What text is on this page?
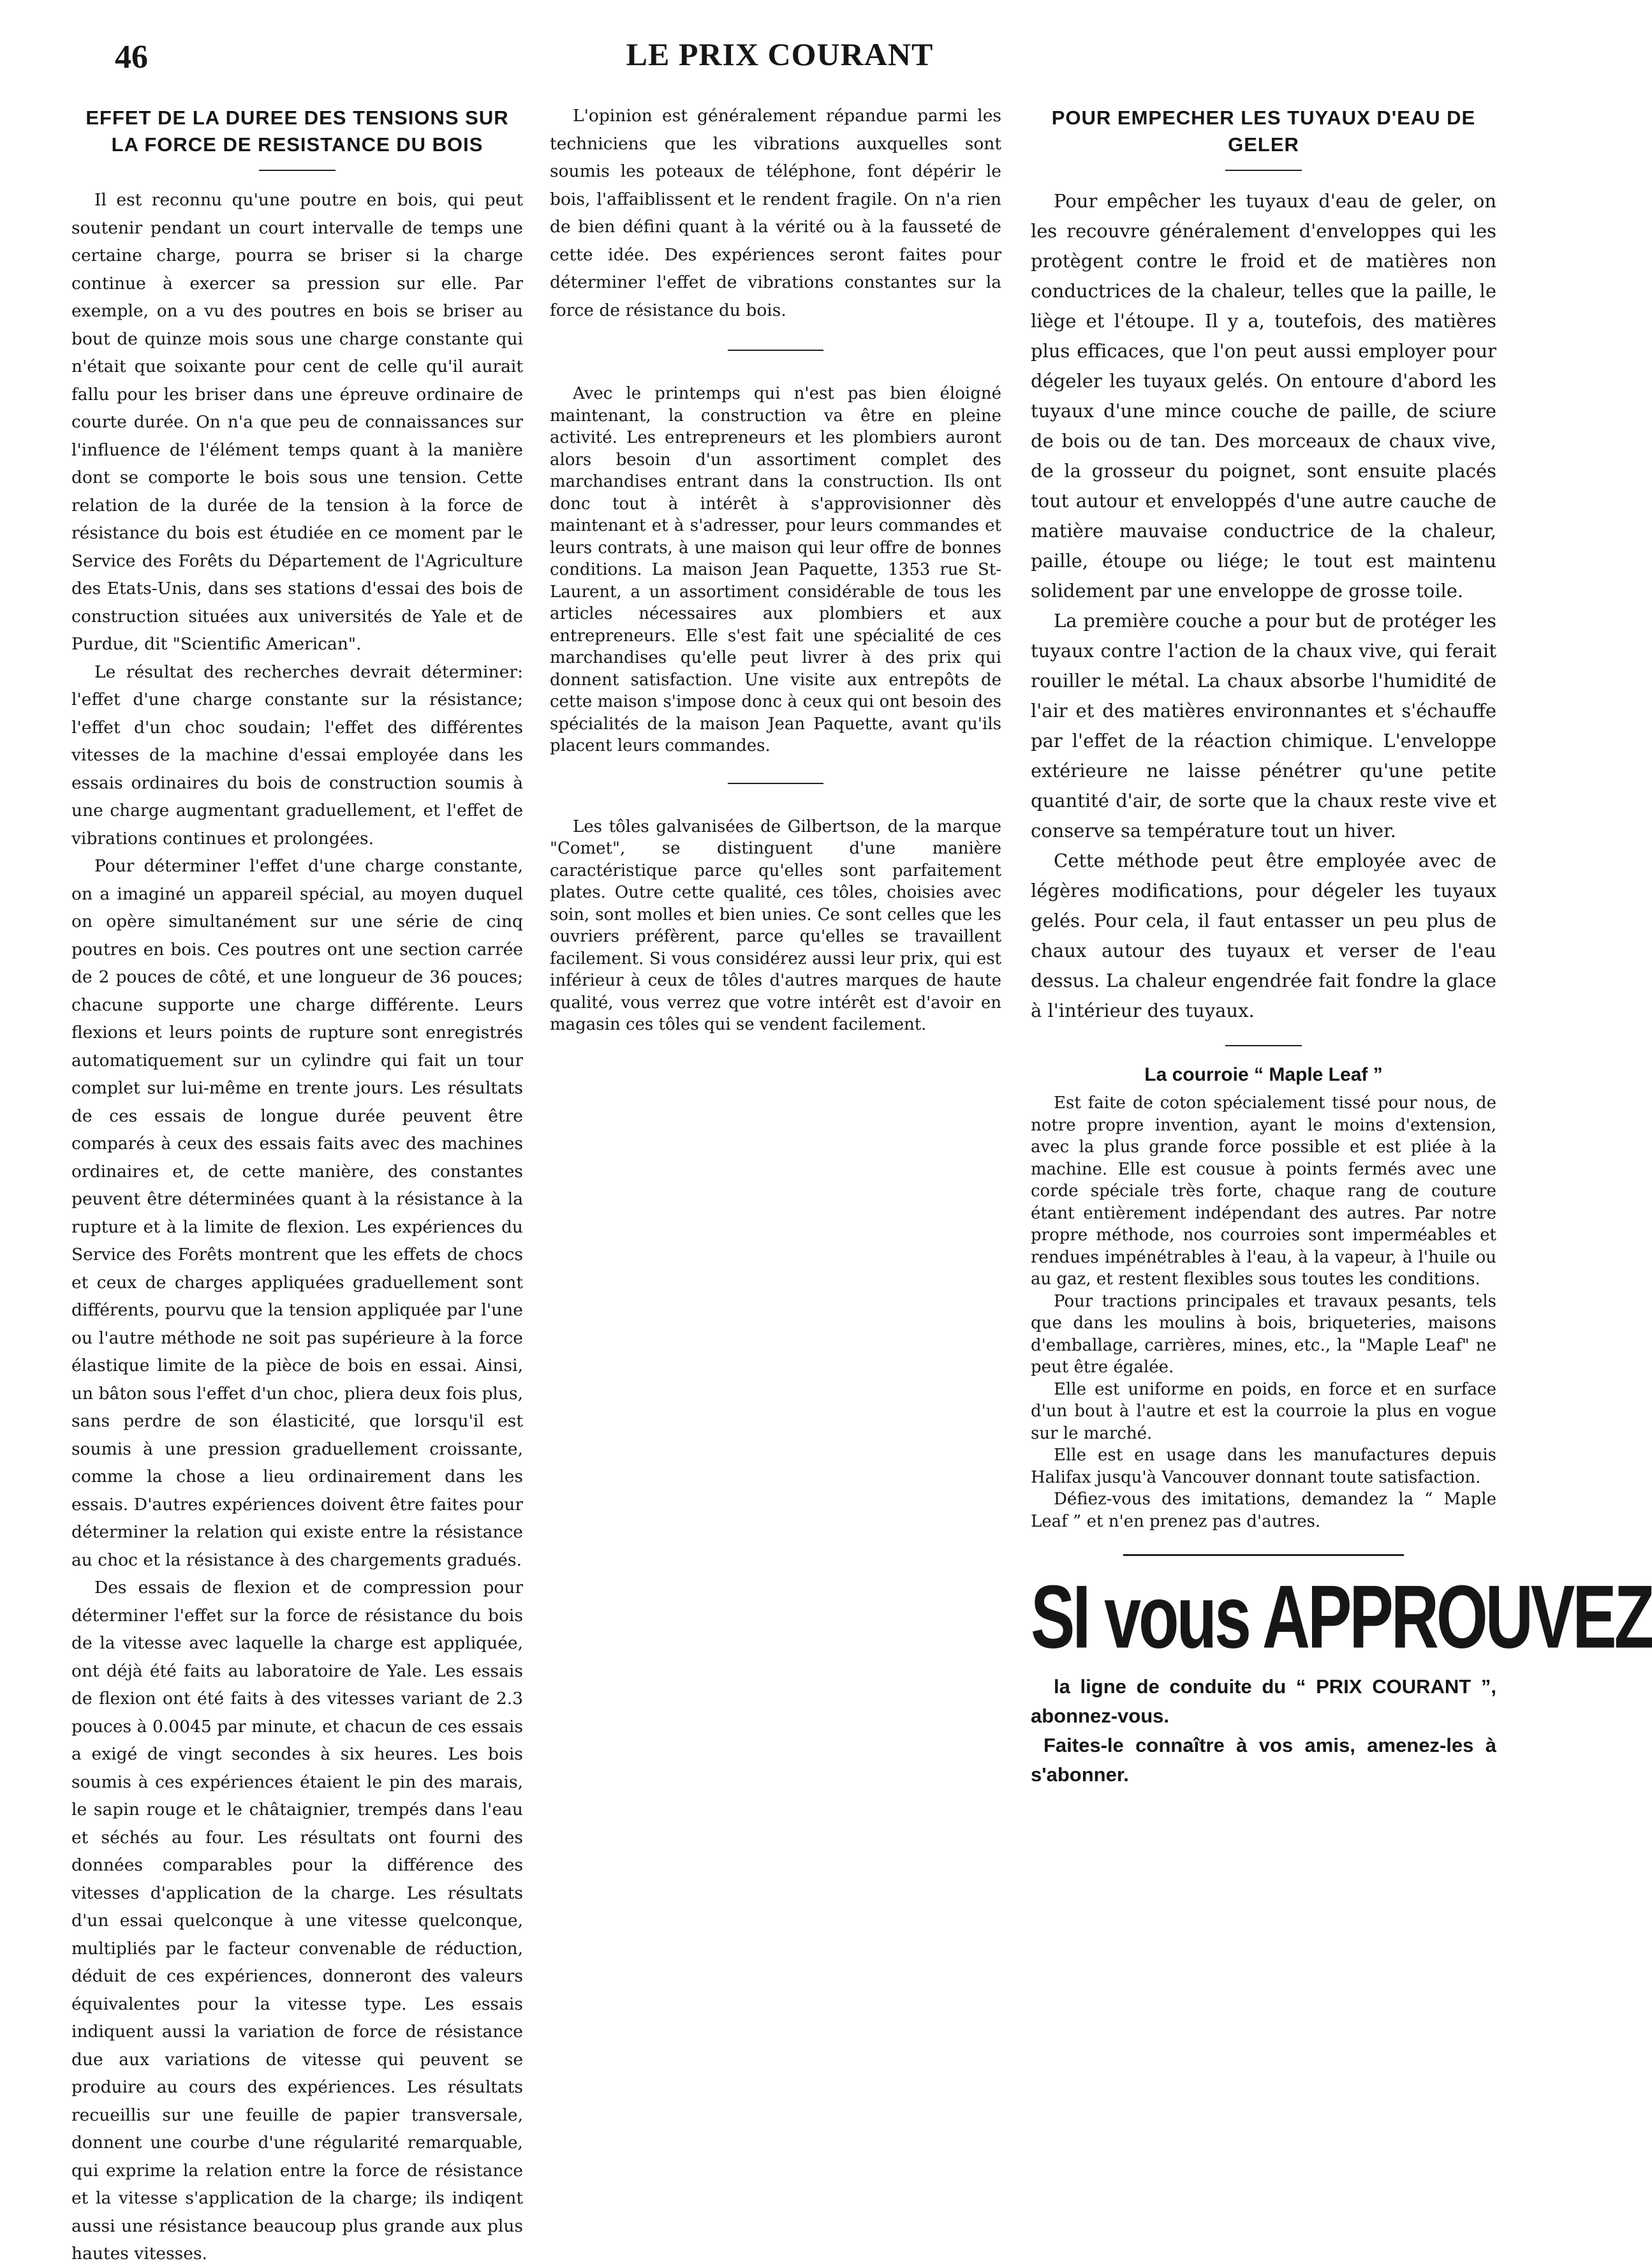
46	LE PRIX COURANT
EFFET DE LA DUREE DES TENSIONS SUR LA FORCE DE RESISTANCE DU BOIS

Il est reconnu qu'une poutre en bois, qui peut soutenir pendant un court intervalle de temps une certaine charge, pourra se briser si la charge continue à exercer sa pression sur elle. Par exemple, on a vu des poutres en bois se briser au bout de quinze mois sous une charge constante qui n'était que soixante pour cent de celle qu'il aurait fallu pour les briser dans une épreuve ordinaire de courte durée. On n'a que peu de connaissances sur l'influence de l'élément temps quant à la manière dont se comporte le bois sous une tension. Cette relation de la durée de la tension à la force de résistance du bois est étudiée en ce moment par le Service des Forêts du Département de l'Agriculture des Etats-Unis, dans ses stations d'essai des bois de construction situées aux universités de Yale et de Purdue, dit "Scientific American".

Le résultat des recherches devrait déterminer: l'effet d'une charge constante sur la résistance; l'effet d'un choc soudain; l'effet des différentes vitesses de la machine d'essai employée dans les essais ordinaires du bois de construction soumis à une charge augmentant graduellement, et l'effet de vibrations continues et prolongées.

Pour déterminer l'effet d'une charge constante, on a imaginé un appareil spécial, au moyen duquel on opère simultanément sur une série de cinq poutres en bois. Ces poutres ont une section carrée de 2 pouces de côté, et une longueur de 36 pouces; chacune supporte une charge différente. Leurs flexions et leurs points de rupture sont enregistrés automatiquement sur un cylindre qui fait un tour complet sur lui-même en trente jours. Les résultats de ces essais de longue durée peuvent être comparés à ceux des essais faits avec des machines ordinaires et, de cette manière, des constantes peuvent être déterminées quant à la résistance à la rupture et à la limite de flexion. Les expériences du Service des Forêts montrent que les effets de chocs et ceux de charges appliquées graduellement sont différents, pourvu que la tension appliquée par l'une ou l'autre méthode ne soit pas supérieure à la force élastique limite de la pièce de bois en essai. Ainsi, un bâton sous l'effet d'un choc, pliera deux fois plus, sans perdre de son élasticité, que lorsqu'il est soumis à une pression graduellement croissante, comme la chose a lieu ordinairement dans les essais. D'autres expériences doivent être faites pour déterminer la relation qui existe entre la résistance au choc et la résistance à des chargements gradués.

Des essais de flexion et de compression pour déterminer l'effet sur la force de résistance du bois de la vitesse avec laquelle la charge est appliquée, ont déjà été faits au laboratoire de Yale. Les essais de flexion ont été faits à des vitesses variant de 2.3 pouces à 0.0045 par minute, et chacun de ces essais a exigé de vingt secondes à six heures. Les bois soumis à ces expériences étaient le pin des marais, le sapin rouge et le châtaignier, trempés dans l'eau et séchés au four. Les résultats ont fourni des données comparables pour la différence des vitesses d'application de la charge. Les résultats d'un essai quelconque à une vitesse quelconque, multipliés par le facteur convenable de réduction, déduit de ces expériences, donneront des valeurs équivalentes pour la vitesse type. Les essais indiquent aussi la variation de force de résistance due aux variations de vitesse qui peuvent se produire au cours des expériences. Les résultats recueillis sur une feuille de papier transversale, donnent une courbe d'une régularité remarquable, qui exprime la relation entre la force de résistance et la vitesse s'application de la charge; ils indiqent aussi une résistance beaucoup plus grande aux plus hautes vitesses.

L'opinion est généralement répandue parmi les techniciens que les vibrations auxquelles sont soumis les poteaux de téléphone, font dépérir le bois, l'affaiblissent et le rendent fragile. On n'a rien de bien défini quant à la vérité ou à la fausseté de cette idée. Des expériences seront faites pour déterminer l'effet de vibrations constantes sur la force de résistance du bois.

Avec le printemps qui n'est pas bien éloigné maintenant, la construction va être en pleine activité. Les entrepreneurs et les plombiers auront alors besoin d'un assortiment complet des marchandises entrant dans la construction. Ils ont donc tout à intérêt à s'approvisionner dès maintenant et à s'adresser, pour leurs commandes et leurs contrats, à une maison qui leur offre de bonnes conditions. La maison Jean Paquette, 1353 rue St-Laurent, a un assortiment considérable de tous les articles nécessaires aux plombiers et aux entrepreneurs. Elle s'est fait une spécialité de ces marchandises qu'elle peut livrer à des prix qui donnent satisfaction. Une visite aux entrepôts de cette maison s'impose donc à ceux qui ont besoin des spécialités de la maison Jean Paquette, avant qu'ils placent leurs commandes.

Les tôles galvanisées de Gilbertson, de la marque "Comet", se distinguent d'une manière caractéristique parce qu'elles sont parfaitement plates. Outre cette qualité, ces tôles, choisies avec soin, sont molles et bien unies. Ce sont celles que les ouvriers préfèrent, parce qu'elles se travaillent facilement. Si vous considérez aussi leur prix, qui est inférieur à ceux de tôles d'autres marques de haute qualité, vous verrez que votre intérêt est d'avoir en magasin ces tôles qui se vendent facilement.

POUR EMPECHER LES TUYAUX D'EAU DE GELER

Pour empêcher les tuyaux d'eau de geler, on les recouvre généralement d'enveloppes qui les protègent contre le froid et de matières non conductrices de la chaleur, telles que la paille, le liège et l'étoupe. Il y a, toutefois, des matières plus efficaces, que l'on peut aussi employer pour dégeler les tuyaux gelés. On entoure d'abord les tuyaux d'une mince couche de paille, de sciure de bois ou de tan. Des morceaux de chaux vive, de la grosseur du poignet, sont ensuite placés tout autour et enveloppés d'une autre cauche de matière mauvaise conductrice de la chaleur, paille, étoupe ou liége; le tout est maintenu solidement par une enveloppe de grosse toile.

La première couche a pour but de protéger les tuyaux contre l'action de la chaux vive, qui ferait rouiller le métal. La chaux absorbe l'humidité de l'air et des matières environnantes et s'échauffe par l'effet de la réaction chimique. L'enveloppe extérieure ne laisse pénétrer qu'une petite quantité d'air, de sorte que la chaux reste vive et conserve sa température tout un hiver.

Cette méthode peut être employée avec de légères modifications, pour dégeler les tuyaux gelés. Pour cela, il faut entasser un peu plus de chaux autour des tuyaux et verser de l'eau dessus. La chaleur engendrée fait fondre la glace à l'intérieur des tuyaux.

La courroie “ Maple Leaf ”

Est faite de coton spécialement tissé pour nous, de notre propre invention, ayant le moins d'extension, avec la plus grande force possible et est pliée à la machine. Elle est cousue à points fermés avec une corde spéciale très forte, chaque rang de couture étant entièrement indépendant des autres. Par notre propre méthode, nos courroies sont imperméables et rendues impénétrables à l'eau, à la vapeur, à l'huile ou au gaz, et restent flexibles sous toutes les conditions.

Pour tractions principales et travaux pesants, tels que dans les moulins à bois, briqueteries, maisons d'emballage, carrières, mines, etc., la "Maple Leaf" ne peut être égalée.

Elle est uniforme en poids, en force et en surface d'un bout à l'autre et est la courroie la plus en vogue sur le marché.

Elle est en usage dans les manufactures depuis Halifax jusqu'à Vancouver donnant toute satisfaction.

Défiez-vous des imitations, demandez la “ Maple Leaf ” et n'en prenez pas d'autres.

SI vous APPROUVEZ

la ligne de conduite du “ PRIX COURANT ”, abonnez-vous.

Faites-le connaître à vos amis, amenez-les à s'abonner.
